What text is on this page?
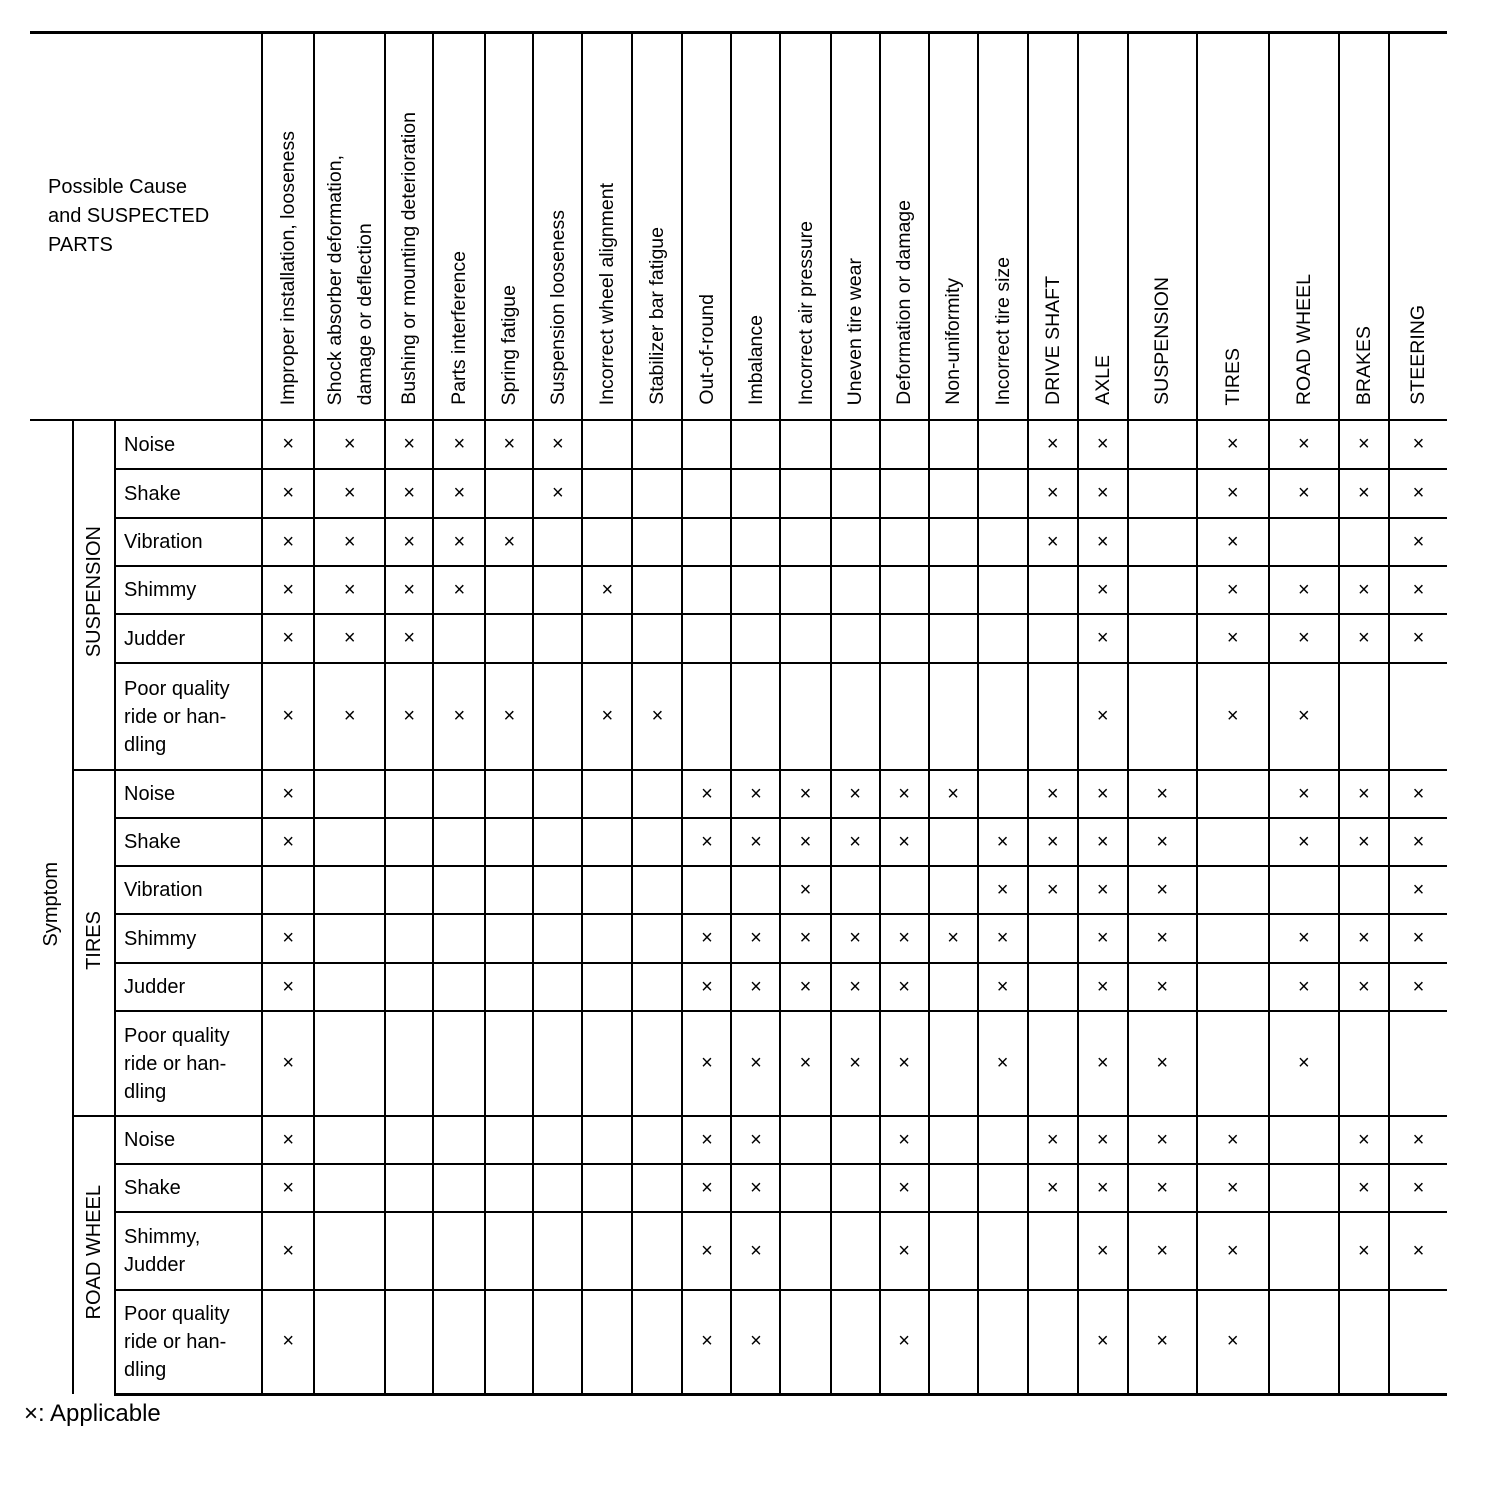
Possible Cause
and SUSPECTED
PARTS			Improper installation, looseness	Shock absorber deformation,
damage or deflection	Bushing or mounting deterioration	Parts interference	Spring fatigue	Suspension looseness	Incorrect wheel alignment	Stabilizer bar fatigue	Out-of-round	Imbalance	Incorrect air pressure	Uneven tire wear	Deformation or damage	Non-uniformity	Incorrect tire size	DRIVE SHAFT	AXLE	SUSPENSION	TIRES	ROAD WHEEL	BRAKES	STEERING

Symptom	SUSPENSION	Noise	×	×	×	×	×	×										×	×		×	×	×	×
		Shake	×	×	×	×		×										×	×		×	×	×	×
		Vibration	×	×	×	×	×											×	×		×			×
		Shimmy	×	×	×	×			×										×		×	×	×	×
		Judder	×	×	×														×		×	×	×	×
		Poor quality
ride or han-
dling	×	×	×	×	×		×	×									×		×	×		
	TIRES	Noise	×								×	×	×	×	×	×		×	×	×		×	×	×
		Shake	×								×	×	×	×	×		×	×	×	×		×	×	×
		Vibration											×				×	×	×	×				×
		Shimmy	×								×	×	×	×	×	×	×		×	×		×	×	×
		Judder	×								×	×	×	×	×		×		×	×		×	×	×
		Poor quality
ride or han-
dling	×								×	×	×	×	×		×		×	×		×		
	ROAD WHEEL	Noise	×								×	×			×			×	×	×	×		×	×
		Shake	×								×	×			×			×	×	×	×		×	×
		Shimmy,
Judder	×								×	×			×				×	×	×		×	×
		Poor quality
ride or han-
dling	×								×	×			×				×	×	×			
×: Applicable
